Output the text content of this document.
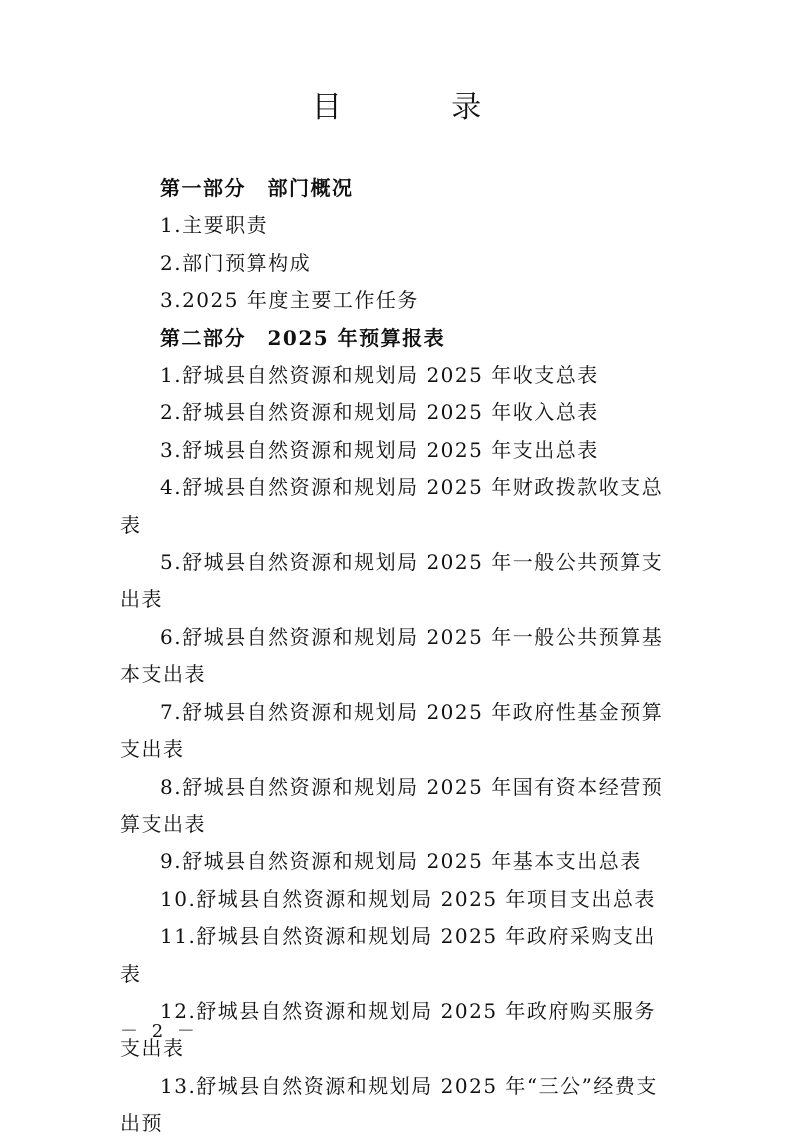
目 录
第一部分　部门概况
1.主要职责
2.部门预算构成
3.2025 年度主要工作任务
第二部分　2025 年预算报表
1.舒城县自然资源和规划局 2025 年收支总表
2.舒城县自然资源和规划局 2025 年收入总表
3.舒城县自然资源和规划局 2025 年支出总表
4.舒城县自然资源和规划局 2025 年财政拨款收支总表
5.舒城县自然资源和规划局 2025 年一般公共预算支出表
6.舒城县自然资源和规划局 2025 年一般公共预算基本支出表
7.舒城县自然资源和规划局 2025 年政府性基金预算支出表
8.舒城县自然资源和规划局 2025 年国有资本经营预算支出表
9.舒城县自然资源和规划局 2025 年基本支出总表
10.舒城县自然资源和规划局 2025 年项目支出总表
11.舒城县自然资源和规划局 2025 年政府采购支出表
12.舒城县自然资源和规划局 2025 年政府购买服务支出表
13.舒城县自然资源和规划局 2025 年“三公”经费支出预
－ 2 －
